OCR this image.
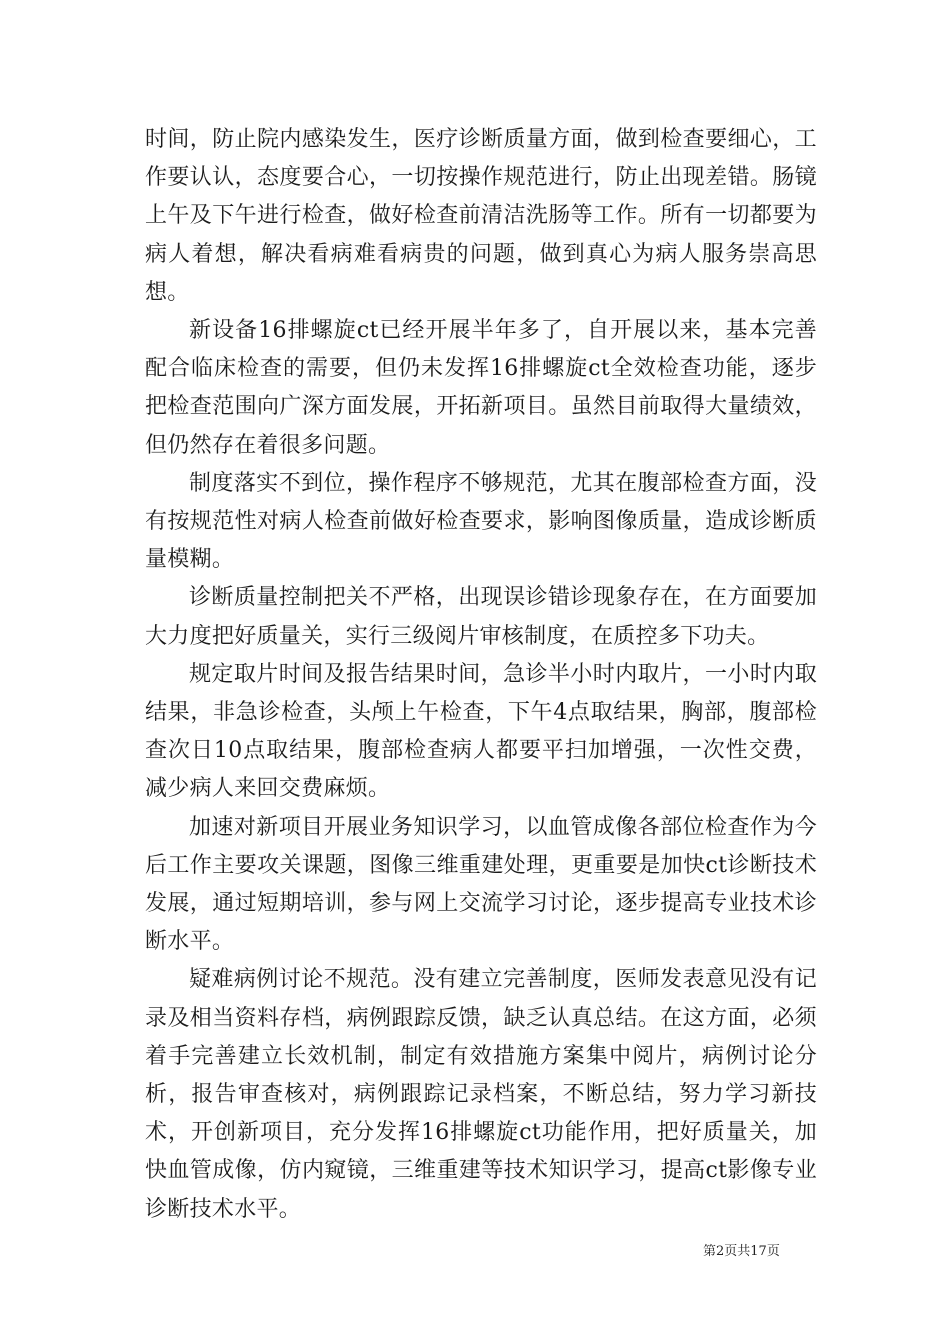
时间，防止院内感染发生，医疗诊断质量方面，做到检查要细心，工作要认认，态度要合心，一切按操作规范进行，防止出现差错。肠镜上午及下午进行检查，做好检查前清洁洗肠等工作。所有一切都要为病人着想，解决看病难看病贵的问题，做到真心为病人服务崇高思想。

新设备16排螺旋ct已经开展半年多了，自开展以来，基本完善配合临床检查的需要，但仍未发挥16排螺旋ct全效检查功能，逐步把检查范围向广深方面发展，开拓新项目。虽然目前取得大量绩效，但仍然存在着很多问题。

制度落实不到位，操作程序不够规范，尤其在腹部检查方面，没有按规范性对病人检查前做好检查要求，影响图像质量，造成诊断质量模糊。

诊断质量控制把关不严格，出现误诊错诊现象存在，在方面要加大力度把好质量关，实行三级阅片审核制度，在质控多下功夫。

规定取片时间及报告结果时间，急诊半小时内取片，一小时内取结果，非急诊检查，头颅上午检查，下午4点取结果，胸部，腹部检查次日10点取结果，腹部检查病人都要平扫加增强，一次性交费，减少病人来回交费麻烦。

加速对新项目开展业务知识学习，以血管成像各部位检查作为今后工作主要攻关课题，图像三维重建处理，更重要是加快ct诊断技术发展，通过短期培训，参与网上交流学习讨论，逐步提高专业技术诊断水平。

疑难病例讨论不规范。没有建立完善制度，医师发表意见没有记录及相当资料存档，病例跟踪反馈，缺乏认真总结。在这方面，必须着手完善建立长效机制，制定有效措施方案集中阅片，病例讨论分析，报告审查核对，病例跟踪记录档案，不断总结，努力学习新技术，开创新项目，充分发挥16排螺旋ct功能作用，把好质量关，加快血管成像，仿内窥镜，三维重建等技术知识学习，提高ct影像专业诊断技术水平。

第2页共17页
